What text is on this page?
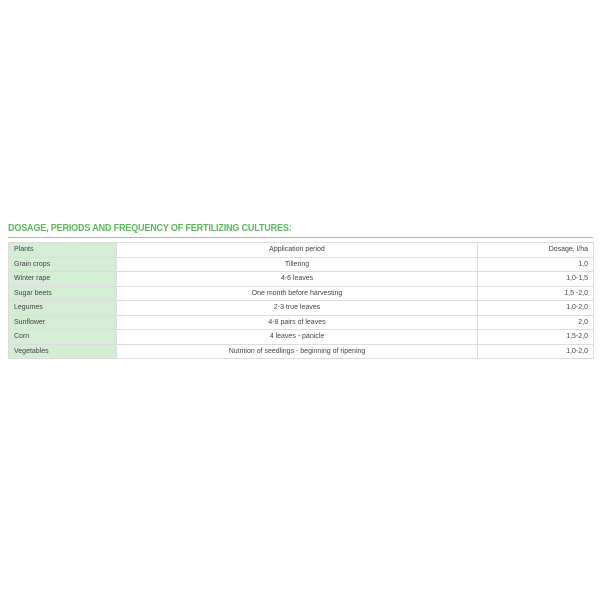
DOSAGE, PERIODS AND FREQUENCY OF FERTILIZING CULTURES:
Plants	Application period	Dosage, l/ha
Grain crops	Tillering	1,0
Winter rape	4-6 leaves	1,0-1,5
Sugar beets	One month before harvesting	1,5 -2,0
Legumes	2-3 true leaves	1,0-2,0
Sunflower	4-8 pairs of leaves	2,0
Corn	4 leaves - panicle	1,5-2,0
Vegetables	Nutrition of seedlings - beginning of ripening	1,0-2,0
